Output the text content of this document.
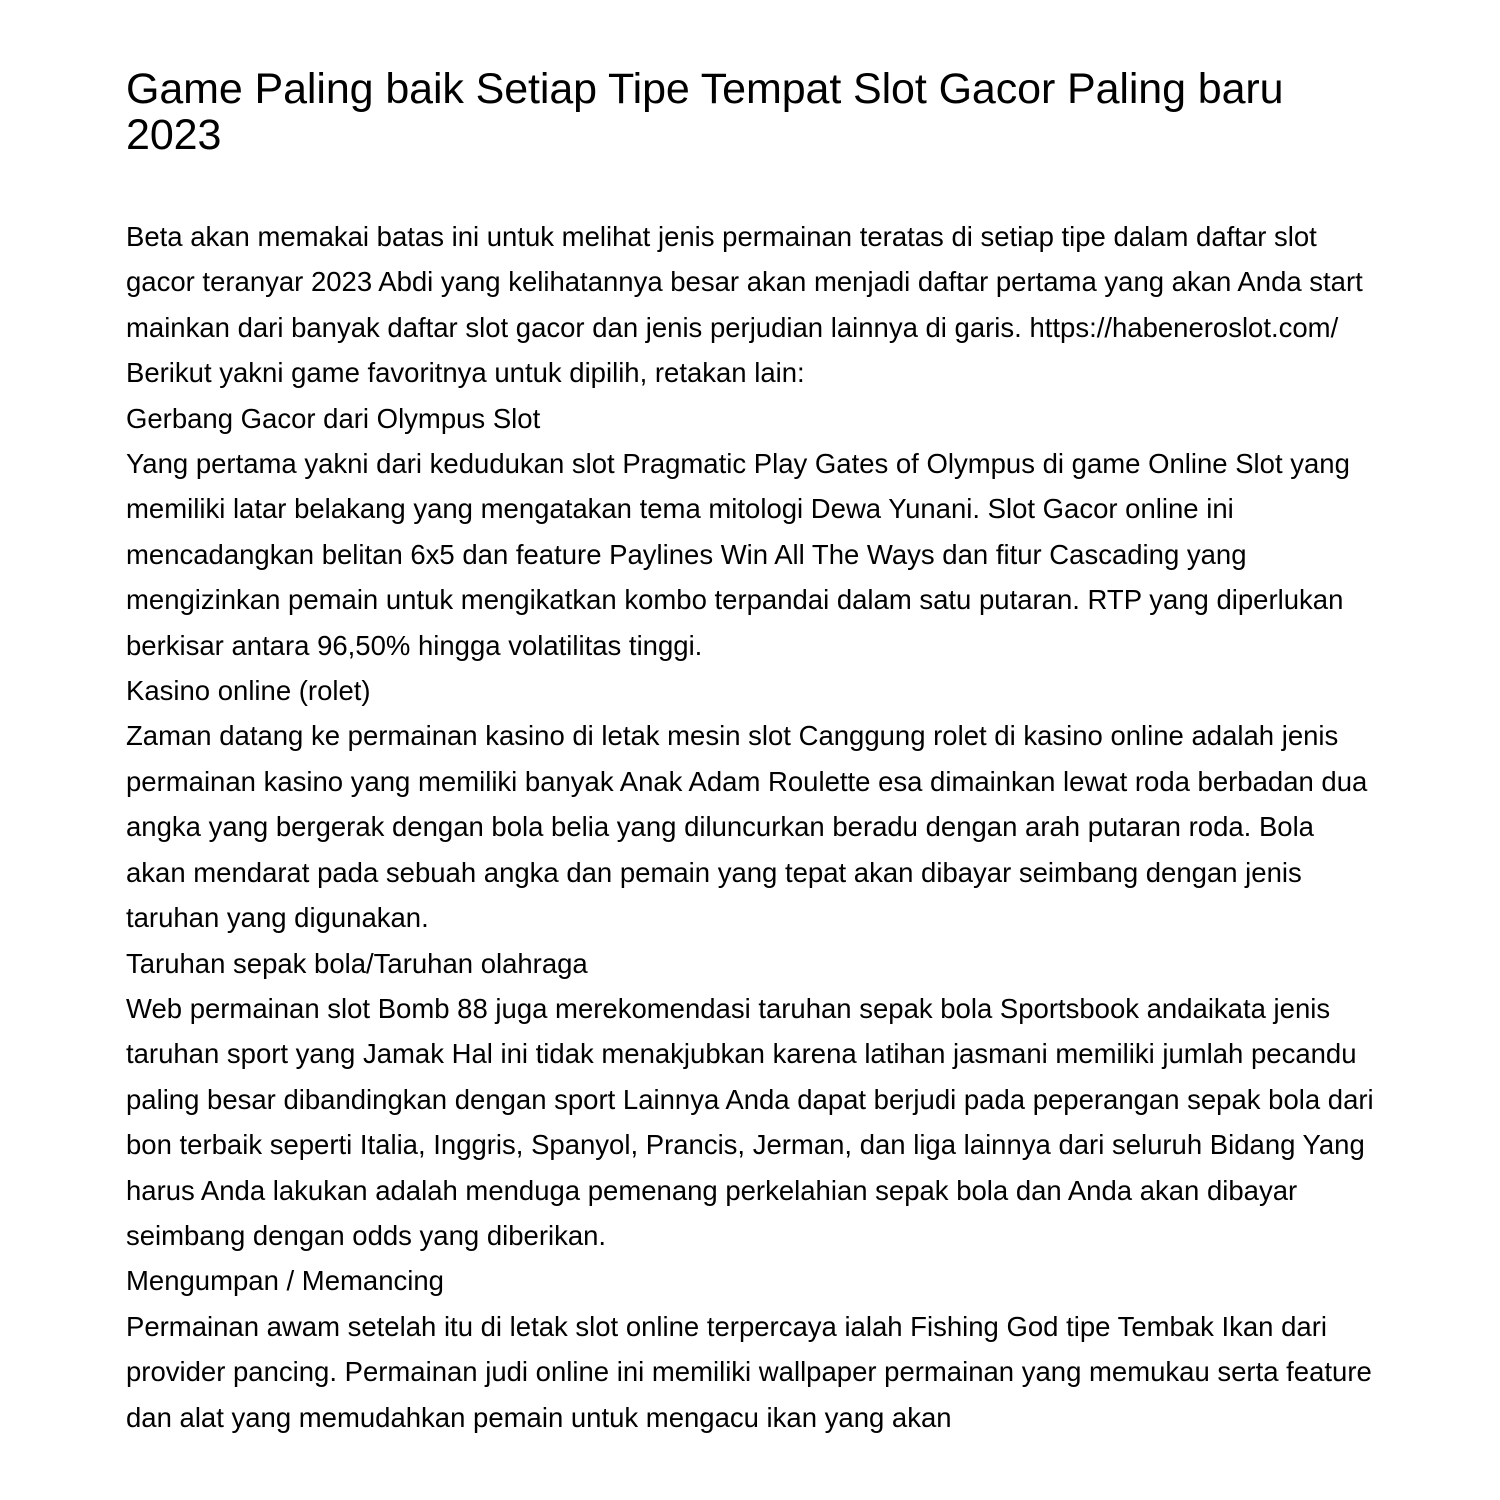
Game Paling baik Setiap Tipe Tempat Slot Gacor Paling baru 2023

Beta akan memakai batas ini untuk melihat jenis permainan teratas di setiap tipe dalam daftar slot gacor teranyar 2023 Abdi yang kelihatannya besar akan menjadi daftar pertama yang akan Anda start mainkan dari banyak daftar slot gacor dan jenis perjudian lainnya di garis. https://habeneroslot.com/ Berikut yakni game favoritnya untuk dipilih, retakan lain:

Gerbang Gacor dari Olympus Slot

Yang pertama yakni dari kedudukan slot Pragmatic Play Gates of Olympus di game Online Slot yang memiliki latar belakang yang mengatakan tema mitologi Dewa Yunani. Slot Gacor online ini mencadangkan belitan 6x5 dan feature Paylines Win All The Ways dan fitur Cascading yang mengizinkan pemain untuk mengikatkan kombo terpandai dalam satu putaran. RTP yang diperlukan berkisar antara 96,50% hingga volatilitas tinggi.

Kasino online (rolet)

Zaman datang ke permainan kasino di letak mesin slot Canggung rolet di kasino online adalah jenis permainan kasino yang memiliki banyak Anak Adam Roulette esa dimainkan lewat roda berbadan dua angka yang bergerak dengan bola belia yang diluncurkan beradu dengan arah putaran roda. Bola akan mendarat pada sebuah angka dan pemain yang tepat akan dibayar seimbang dengan jenis taruhan yang digunakan.

Taruhan sepak bola/Taruhan olahraga

Web permainan slot Bomb 88 juga merekomendasi taruhan sepak bola Sportsbook andaikata jenis taruhan sport yang Jamak Hal ini tidak menakjubkan karena latihan jasmani memiliki jumlah pecandu paling besar dibandingkan dengan sport Lainnya Anda dapat berjudi pada peperangan sepak bola dari bon terbaik seperti Italia, Inggris, Spanyol, Prancis, Jerman, dan liga lainnya dari seluruh Bidang Yang harus Anda lakukan adalah menduga pemenang perkelahian sepak bola dan Anda akan dibayar seimbang dengan odds yang diberikan.

Mengumpan / Memancing

Permainan awam setelah itu di letak slot online terpercaya ialah Fishing God tipe Tembak Ikan dari provider pancing. Permainan judi online ini memiliki wallpaper permainan yang memukau serta feature dan alat yang memudahkan pemain untuk mengacu ikan yang akan
